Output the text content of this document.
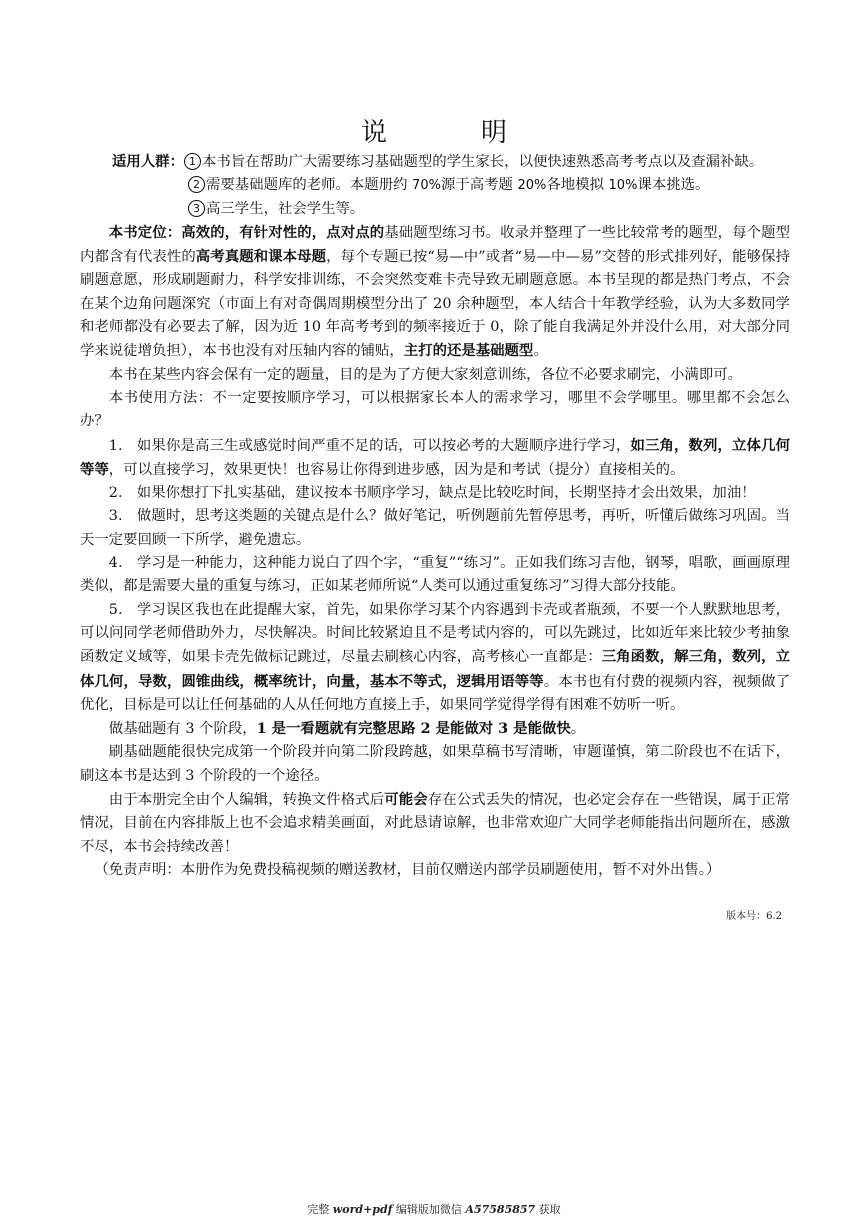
说　明

适用人群： 1 本书旨在帮助广大需要练习基础题型的学生家长，以便快速熟悉高考考点以及查漏补缺。

2 需要基础题库的老师。本题册约 70%源于高考题 20%各地模拟 10%课本挑选。

3 高三学生，社会学生等。

本书定位：高效的，有针对性的，点对点的基础题型练习书。收录并整理了一些比较常考的题型，每个题型内都含有代表性的高考真题和课本母题，每个专题已按“易—中”或者“易—中—易”交替的形式排列好，能够保持刷题意愿，形成刷题耐力，科学安排训练，不会突然变难卡壳导致无刷题意愿。本书呈现的都是热门考点，不会在某个边角问题深究（市面上有对奇偶周期模型分出了 20 余种题型，本人结合十年教学经验，认为大多数同学和老师都没有必要去了解，因为近 10 年高考考到的频率接近于 0，除了能自我满足外并没什么用，对大部分同学来说徒增负担），本书也没有对压轴内容的铺贴，主打的还是基础题型。

本书在某些内容会保有一定的题量，目的是为了方便大家刻意训练，各位不必要求刷完，小满即可。

本书使用方法：不一定要按顺序学习，可以根据家长本人的需求学习，哪里不会学哪里。哪里都不会怎么办？

1. 如果你是高三生或感觉时间严重不足的话，可以按必考的大题顺序进行学习，如三角，数列，立体几何等等，可以直接学习，效果更快！也容易让你得到进步感，因为是和考试（提分）直接相关的。

2. 如果你想打下扎实基础，建议按本书顺序学习，缺点是比较吃时间，长期坚持才会出效果，加油！

3. 做题时，思考这类题的关键点是什么？做好笔记，听例题前先暂停思考，再听，听懂后做练习巩固。当天一定要回顾一下所学，避免遗忘。

4. 学习是一种能力，这种能力说白了四个字，“重复”“练习”。正如我们练习吉他，钢琴，唱歌，画画原理类似，都是需要大量的重复与练习，正如某老师所说“人类可以通过重复练习”习得大部分技能。

5. 学习误区我也在此提醒大家，首先，如果你学习某个内容遇到卡壳或者瓶颈，不要一个人默默地思考，可以问同学老师借助外力，尽快解决。时间比较紧迫且不是考试内容的，可以先跳过，比如近年来比较少考抽象函数定义域等，如果卡壳先做标记跳过，尽量去刷核心内容，高考核心一直都是：三角函数，解三角，数列，立体几何，导数，圆锥曲线，概率统计，向量，基本不等式，逻辑用语等等。本书也有付费的视频内容，视频做了优化，目标是可以让任何基础的人从任何地方直接上手，如果同学觉得学得有困难不妨听一听。

做基础题有 3 个阶段，1 是一看题就有完整思路 2 是能做对 3 是能做快。

刷基础题能很快完成第一个阶段并向第二阶段跨越，如果草稿书写清晰，审题谨慎，第二阶段也不在话下，刷这本书是达到 3 个阶段的一个途径。

由于本册完全由个人编辑，转换文件格式后可能会存在公式丢失的情况，也必定会存在一些错误，属于正常情况，目前在内容排版上也不会追求精美画面，对此恳请谅解，也非常欢迎广大同学老师能指出问题所在，感激不尽，本书会持续改善！

（免责声明：本册作为免费投稿视频的赠送教材，目前仅赠送内部学员刷题使用，暂不对外出售。）

版本号：6.2
完整 word+pdf 编辑版加微信 A57585857 获取
